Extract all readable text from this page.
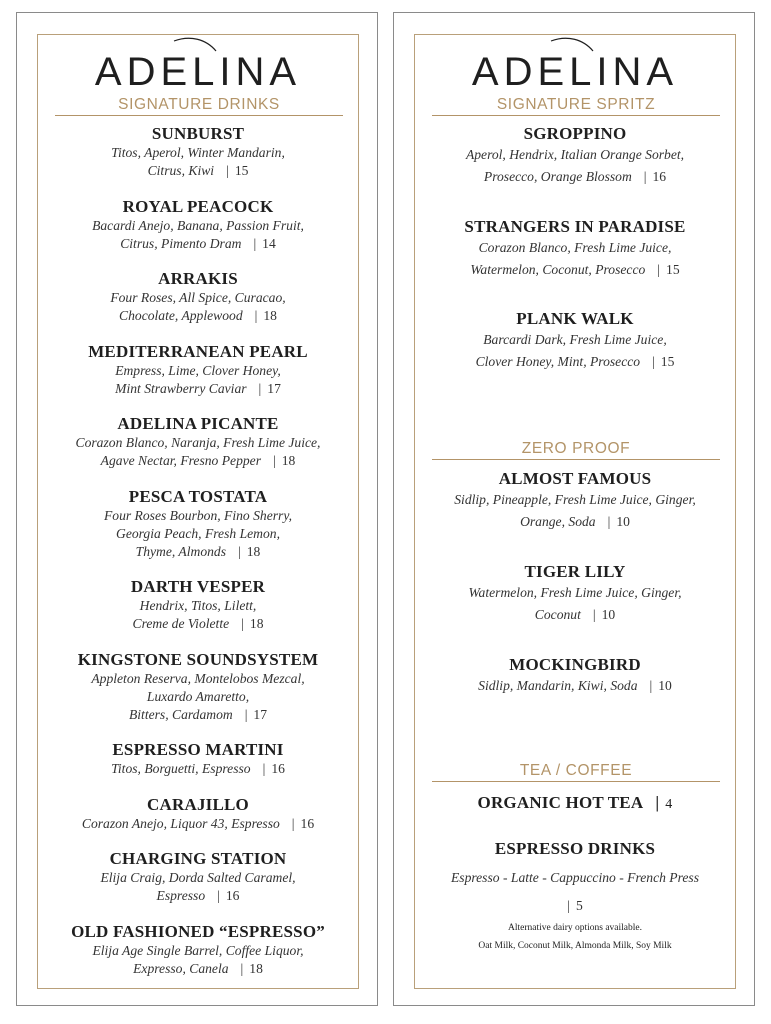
ADELINA
SIGNATURE DRINKS
SUNBURST
Titos, Aperol, Winter Mandarin,
Citrus, Kiwi | 15
ROYAL PEACOCK
Bacardi Anejo, Banana, Passion Fruit,
Citrus, Pimento Dram | 14
ARRAKIS
Four Roses, All Spice, Curacao,
Chocolate, Applewood | 18
MEDITERRANEAN PEARL
Empress, Lime, Clover Honey,
Mint Strawberry Caviar | 17
ADELINA PICANTE
Corazon Blanco, Naranja, Fresh Lime Juice,
Agave Nectar, Fresno Pepper | 18
PESCA TOSTATA
Four Roses Bourbon, Fino Sherry,
Georgia Peach, Fresh Lemon,
Thyme, Almonds | 18
DARTH VESPER
Hendrix, Titos, Lilett,
Creme de Violette | 18
KINGSTONE SOUNDSYSTEM
Appleton Reserva, Montelobos Mezcal,
Luxardo Amaretto,
Bitters, Cardamom | 17
ESPRESSO MARTINI
Titos, Borguetti, Espresso | 16
CARAJILLO
Corazon Anejo, Liquor 43, Espresso | 16
CHARGING STATION
Elija Craig, Dorda Salted Caramel,
Espresso | 16
OLD FASHIONED “ESPRESSO”
Elija Age Single Barrel, Coffee Liquor,
Expresso, Canela | 18
ADELINA
SIGNATURE SPRITZ
SGROPPINO
Aperol, Hendrix, Italian Orange Sorbet,
Prosecco, Orange Blossom | 16
STRANGERS IN PARADISE
Corazon Blanco, Fresh Lime Juice,
Watermelon, Coconut, Prosecco | 15
PLANK WALK
Barcardi Dark, Fresh Lime Juice,
Clover Honey, Mint, Prosecco | 15
ZERO PROOF
ALMOST FAMOUS
Sidlip, Pineapple, Fresh Lime Juice, Ginger,
Orange, Soda | 10
TIGER LILY
Watermelon, Fresh Lime Juice, Ginger,
Coconut | 10
MOCKINGBIRD
Sidlip, Mandarin, Kiwi, Soda | 10
TEA / COFFEE
ORGANIC HOT TEA | 4
ESPRESSO DRINKS
Espresso - Latte - Cappuccino - French Press
| 5
Alternative dairy options available.
Oat Milk, Coconut Milk, Almonda Milk, Soy Milk
